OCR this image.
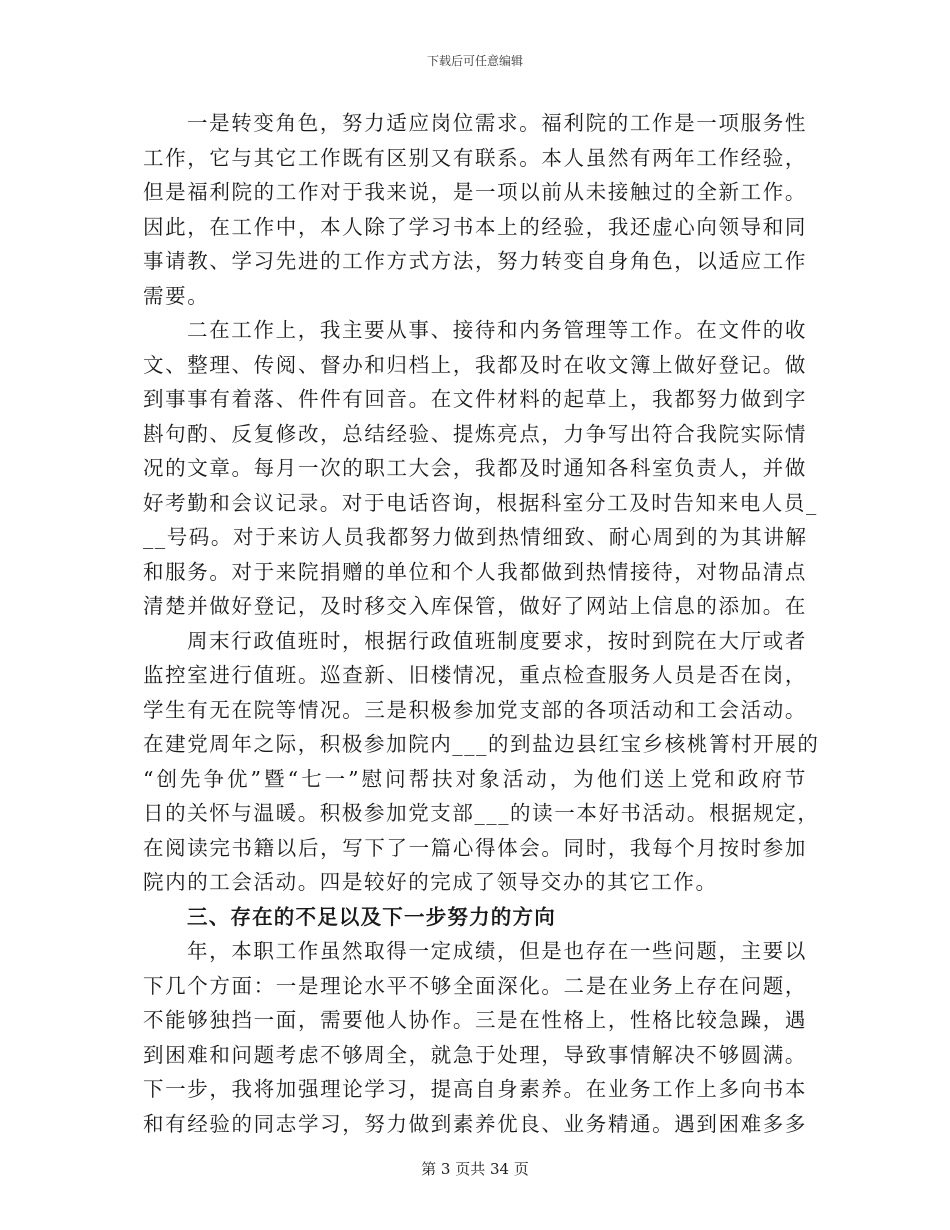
下载后可任意编辑
一是转变角色，努力适应岗位需求。福利院的工作是一项服务性
工作，它与其它工作既有区别又有联系。本人虽然有两年工作经验，
但是福利院的工作对于我来说，是一项以前从未接触过的全新工作。
因此，在工作中，本人除了学习书本上的经验，我还虚心向领导和同
事请教、学习先进的工作方式方法，努力转变自身角色，以适应工作
需要。
二在工作上，我主要从事、接待和内务管理等工作。在文件的收
文、整理、传阅、督办和归档上，我都及时在收文簿上做好登记。做
到事事有着落、件件有回音。在文件材料的起草上，我都努力做到字
斟句酌、反复修改，总结经验、提炼亮点，力争写出符合我院实际情
况的文章。每月一次的职工大会，我都及时通知各科室负责人，并做
好考勤和会议记录。对于电话咨询，根据科室分工及时告知来电人员_
__号码。对于来访人员我都努力做到热情细致、耐心周到的为其讲解
和服务。对于来院捐赠的单位和个人我都做到热情接待，对物品清点
清楚并做好登记，及时移交入库保管，做好了网站上信息的添加。在
周末行政值班时，根据行政值班制度要求，按时到院在大厅或者
监控室进行值班。巡查新、旧楼情况，重点检查服务人员是否在岗，
学生有无在院等情况。三是积极参加党支部的各项活动和工会活动。
在建党周年之际，积极参加院内___的到盐边县红宝乡核桃箐村开展的
“创先争优”暨“七一”慰问帮扶对象活动，为他们送上党和政府节
日的关怀与温暖。积极参加党支部___的读一本好书活动。根据规定，
在阅读完书籍以后，写下了一篇心得体会。同时，我每个月按时参加
院内的工会活动。四是较好的完成了领导交办的其它工作。
三、存在的不足以及下一步努力的方向
年，本职工作虽然取得一定成绩，但是也存在一些问题，主要以
下几个方面：一是理论水平不够全面深化。二是在业务上存在问题，
不能够独挡一面，需要他人协作。三是在性格上，性格比较急躁，遇
到困难和问题考虑不够周全，就急于处理，导致事情解决不够圆满。
下一步，我将加强理论学习，提高自身素养。在业务工作上多向书本
和有经验的同志学习，努力做到素养优良、业务精通。遇到困难多多
第 3 页共 34 页
